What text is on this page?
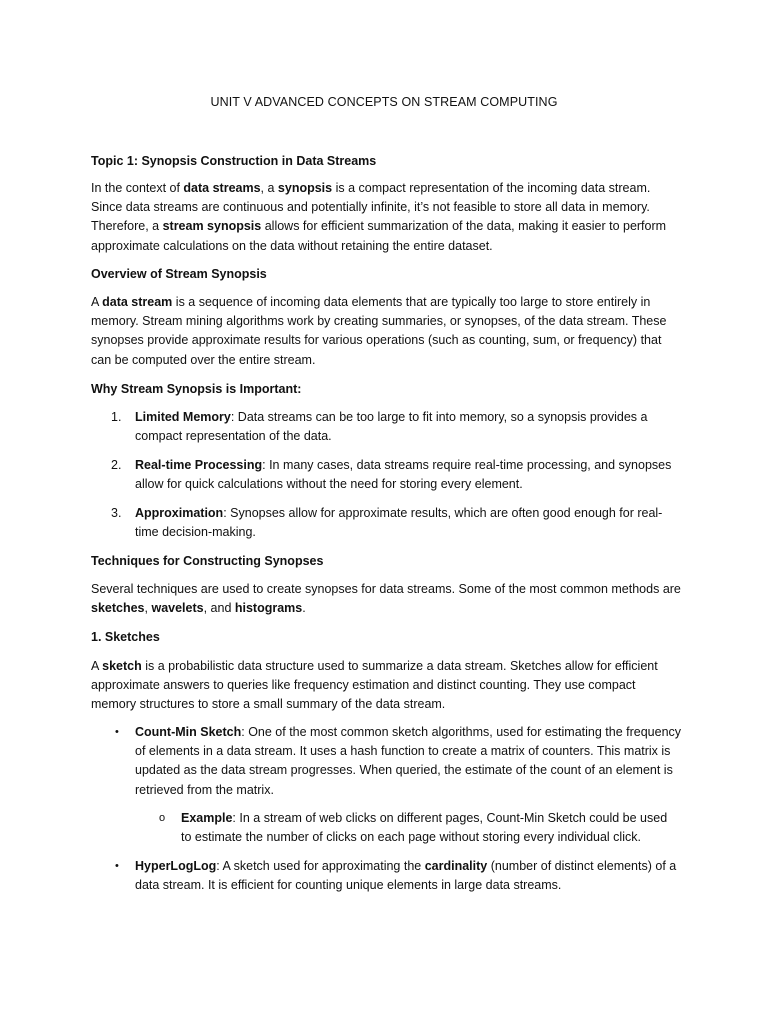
UNIT V ADVANCED CONCEPTS ON STREAM COMPUTING
Topic 1: Synopsis Construction in Data Streams
In the context of data streams, a synopsis is a compact representation of the incoming data stream. Since data streams are continuous and potentially infinite, it’s not feasible to store all data in memory. Therefore, a stream synopsis allows for efficient summarization of the data, making it easier to perform approximate calculations on the data without retaining the entire dataset.
Overview of Stream Synopsis
A data stream is a sequence of incoming data elements that are typically too large to store entirely in memory. Stream mining algorithms work by creating summaries, or synopses, of the data stream. These synopses provide approximate results for various operations (such as counting, sum, or frequency) that can be computed over the entire stream.
Why Stream Synopsis is Important:
1.	Limited Memory: Data streams can be too large to fit into memory, so a synopsis provides a compact representation of the data.
2.	Real-time Processing: In many cases, data streams require real-time processing, and synopses allow for quick calculations without the need for storing every element.
3.	Approximation: Synopses allow for approximate results, which are often good enough for real-time decision-making.
Techniques for Constructing Synopses
Several techniques are used to create synopses for data streams. Some of the most common methods are sketches, wavelets, and histograms.
1. Sketches
A sketch is a probabilistic data structure used to summarize a data stream. Sketches allow for efficient approximate answers to queries like frequency estimation and distinct counting. They use compact memory structures to store a small summary of the data stream.
• Count-Min Sketch: One of the most common sketch algorithms, used for estimating the frequency of elements in a data stream. It uses a hash function to create a matrix of counters. This matrix is updated as the data stream progresses. When queried, the estimate of the count of an element is retrieved from the matrix.
o Example: In a stream of web clicks on different pages, Count-Min Sketch could be used to estimate the number of clicks on each page without storing every individual click.
• HyperLogLog: A sketch used for approximating the cardinality (number of distinct elements) of a data stream. It is efficient for counting unique elements in large data streams.
